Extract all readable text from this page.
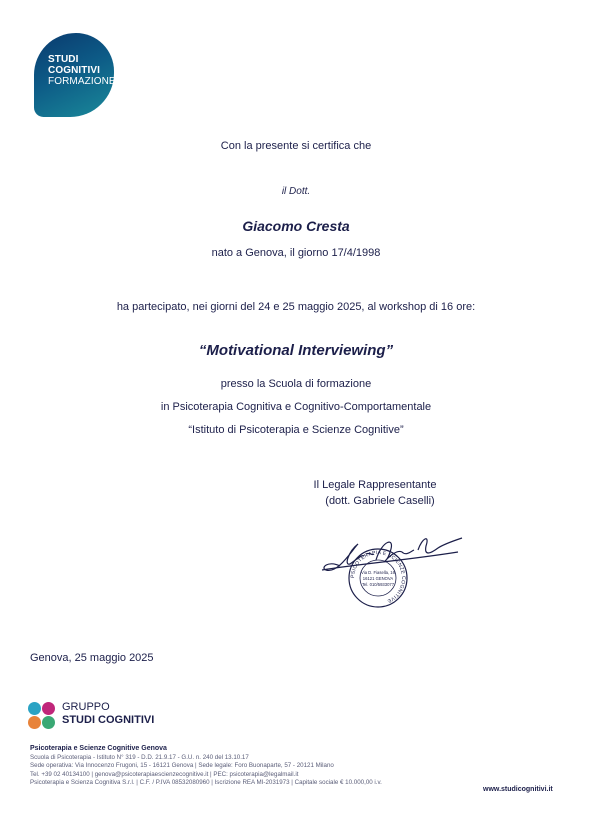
STUDI
COGNITIVI
FORMAZIONE
Con la presente si certifica che
il Dott.
Giacomo Cresta
nato a Genova, il giorno 17/4/1998
ha partecipato, nei giorni del 24 e 25 maggio 2025, al workshop di 16 ore:
“Motivational Interviewing”
presso la Scuola di formazione
in Psicoterapia Cognitiva e Cognitivo-Comportamentale
“Istituto di Psicoterapia e Scienze Cognitive”
Il Legale Rappresentante
(dott. Gabriele Caselli)
PSICOTERAPIA E SCIENZE COGNITIVE
Via D. Fiasella, 16
16121 GENOVA
Tel. 010/5933077
Genova, 25 maggio 2025
GRUPPO
STUDI COGNITIVI
Psicoterapia e Scienze Cognitive Genova
Scuola di Psicoterapia - Istituto N° 319 - D.D. 21.9.17 - G.U. n. 240 del 13.10.17
Sede operativa: Via Innocenzo Frugoni, 15 - 16121 Genova | Sede legale: Foro Buonaparte, 57 - 20121 Milano
Tel. +39 02 40134100 | genova@psicoterapiaescienzecognitive.it | PEC: psicoterapia@legalmail.it
Psicoterapia e Scienza Cognitiva S.r.l. | C.F. / P.IVA 08532080960 | Iscrizione REA MI-2031973 | Capitale sociale € 10.000,00 i.v.
www.studicognitivi.it
